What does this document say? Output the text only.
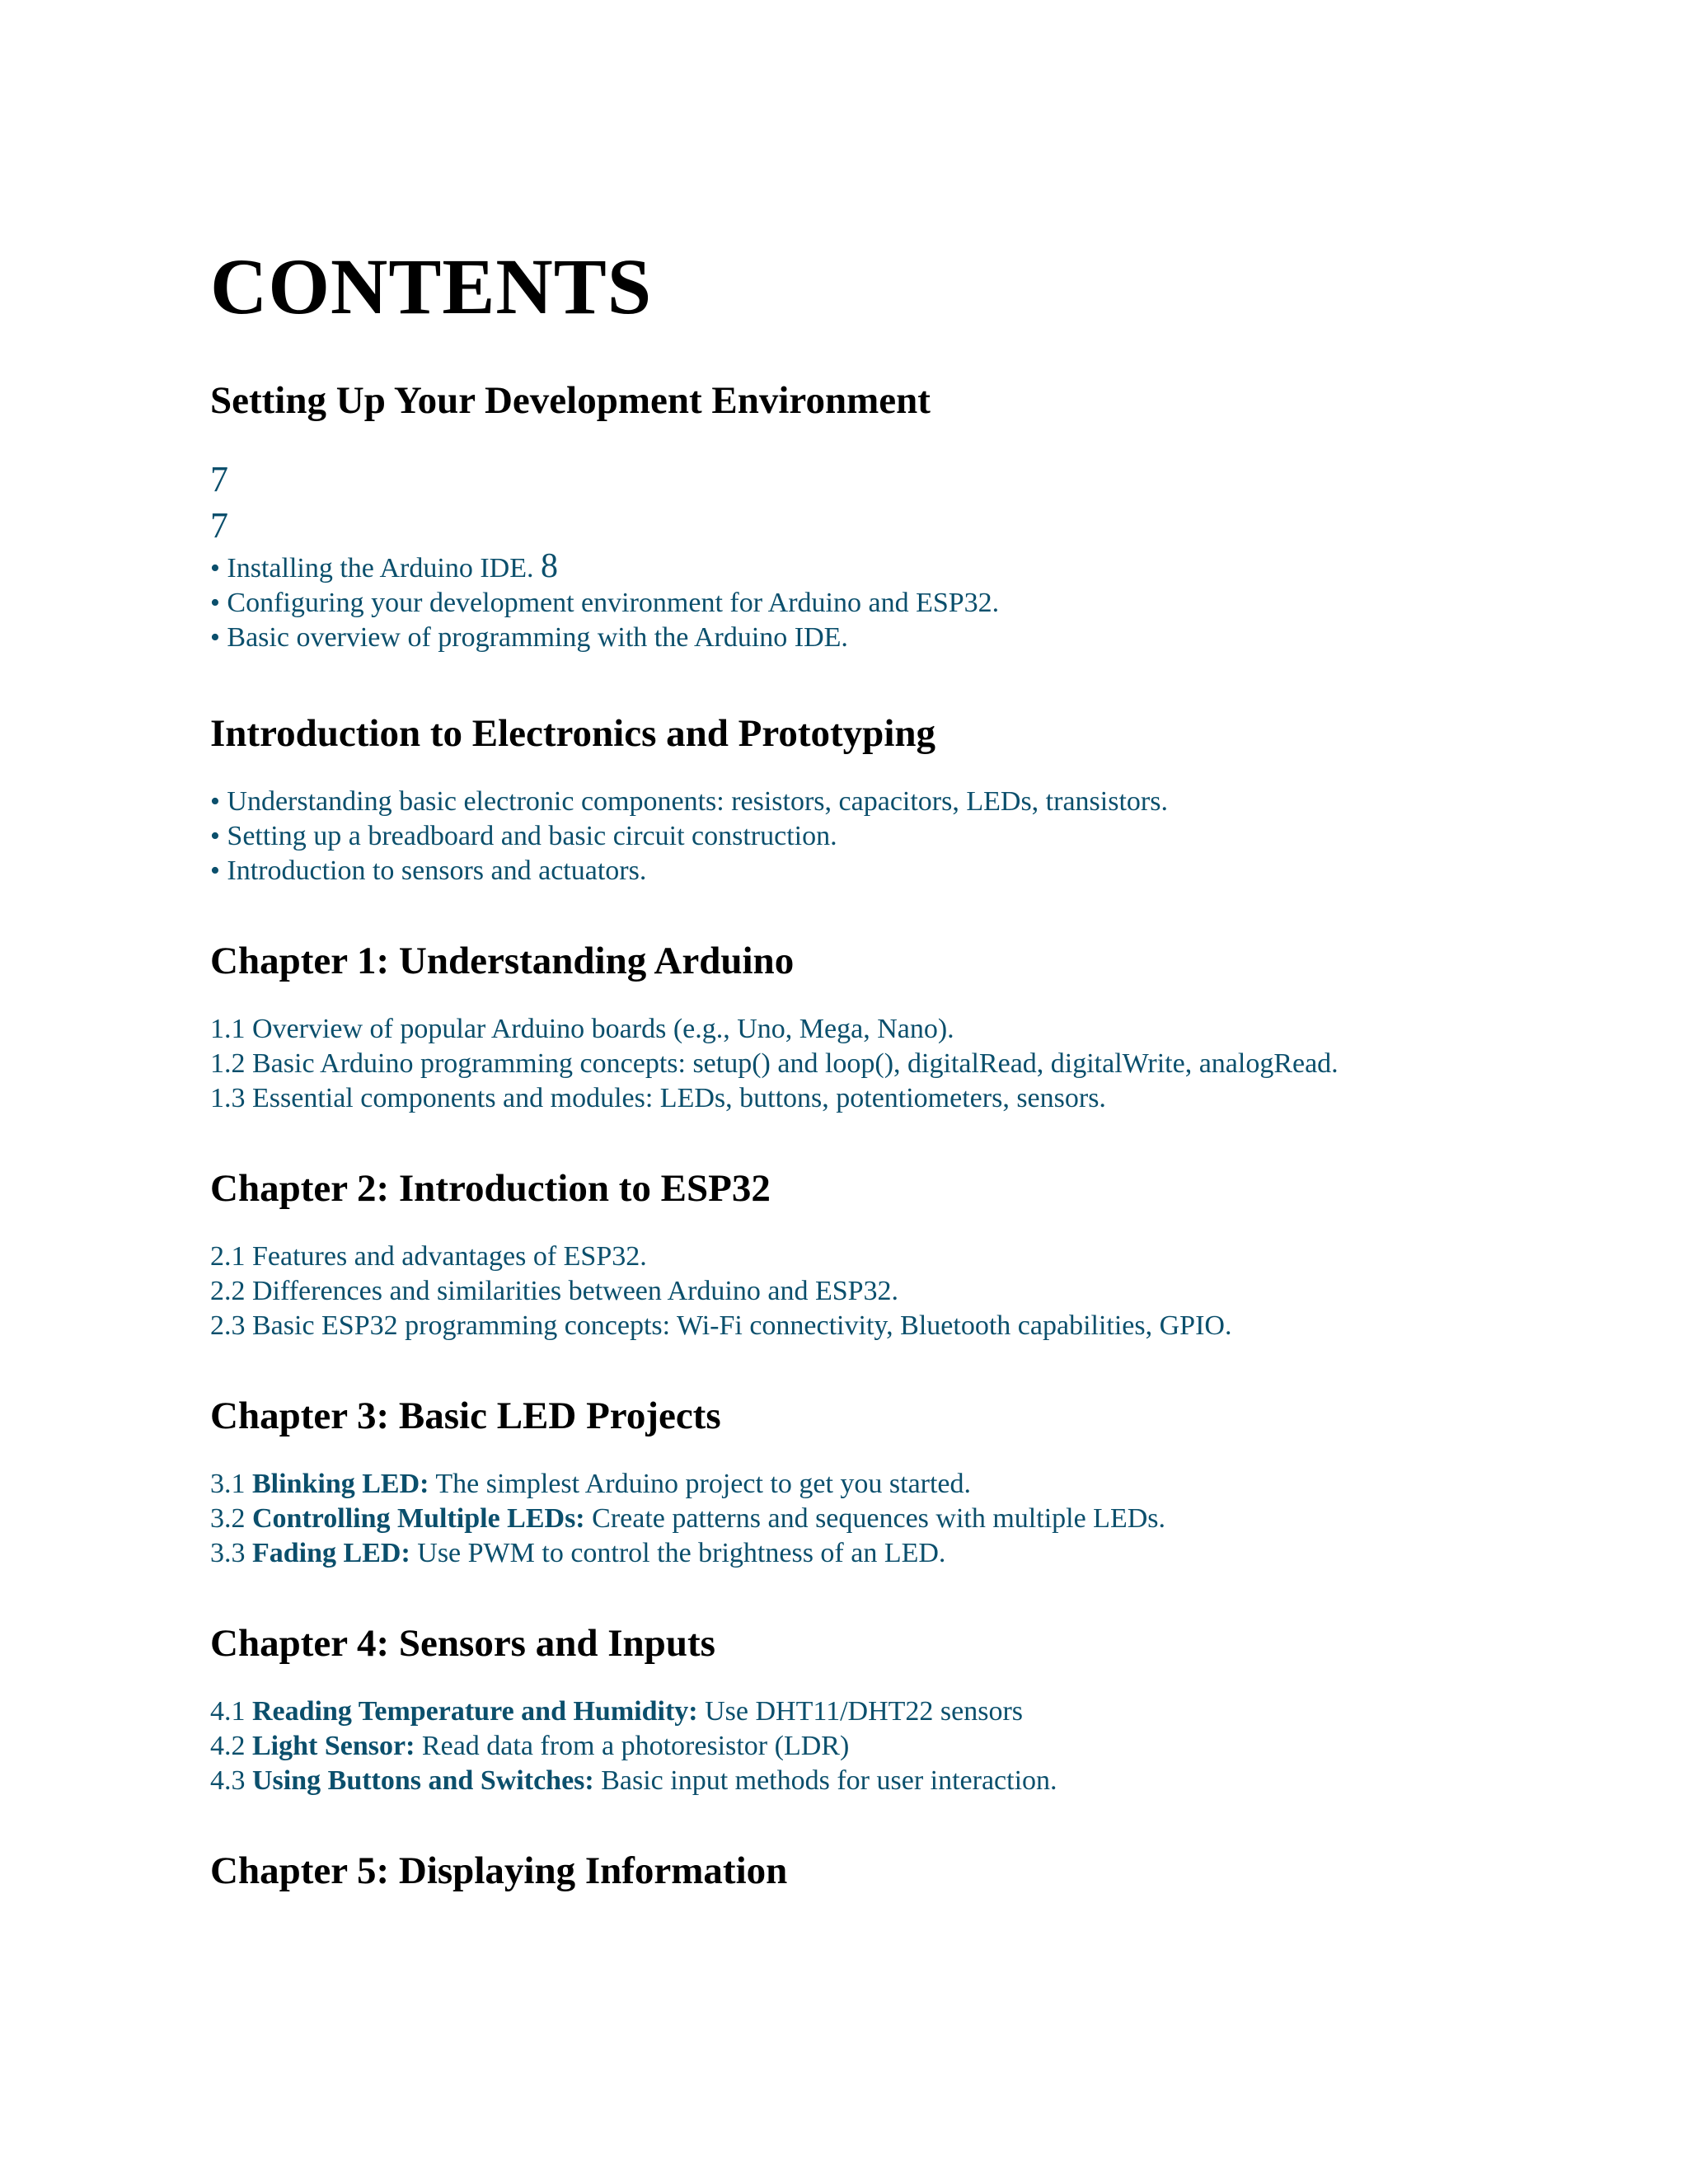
CONTENTS
Setting Up Your Development Environment
7
7
• Installing the Arduino IDE. 8
• Configuring your development environment for Arduino and ESP32.
• Basic overview of programming with the Arduino IDE.
Introduction to Electronics and Prototyping
• Understanding basic electronic components: resistors, capacitors, LEDs, transistors.
• Setting up a breadboard and basic circuit construction.
• Introduction to sensors and actuators.
Chapter 1: Understanding Arduino
1.1 Overview of popular Arduino boards (e.g., Uno, Mega, Nano).
1.2 Basic Arduino programming concepts: setup() and loop(), digitalRead, digitalWrite, analogRead.
1.3 Essential components and modules: LEDs, buttons, potentiometers, sensors.
Chapter 2: Introduction to ESP32
2.1 Features and advantages of ESP32.
2.2 Differences and similarities between Arduino and ESP32.
2.3 Basic ESP32 programming concepts: Wi-Fi connectivity, Bluetooth capabilities, GPIO.
Chapter 3: Basic LED Projects
3.1 Blinking LED: The simplest Arduino project to get you started.
3.2 Controlling Multiple LEDs: Create patterns and sequences with multiple LEDs.
3.3 Fading LED: Use PWM to control the brightness of an LED.
Chapter 4: Sensors and Inputs
4.1 Reading Temperature and Humidity: Use DHT11/DHT22 sensors
4.2 Light Sensor: Read data from a photoresistor (LDR)
4.3 Using Buttons and Switches: Basic input methods for user interaction.
Chapter 5: Displaying Information
